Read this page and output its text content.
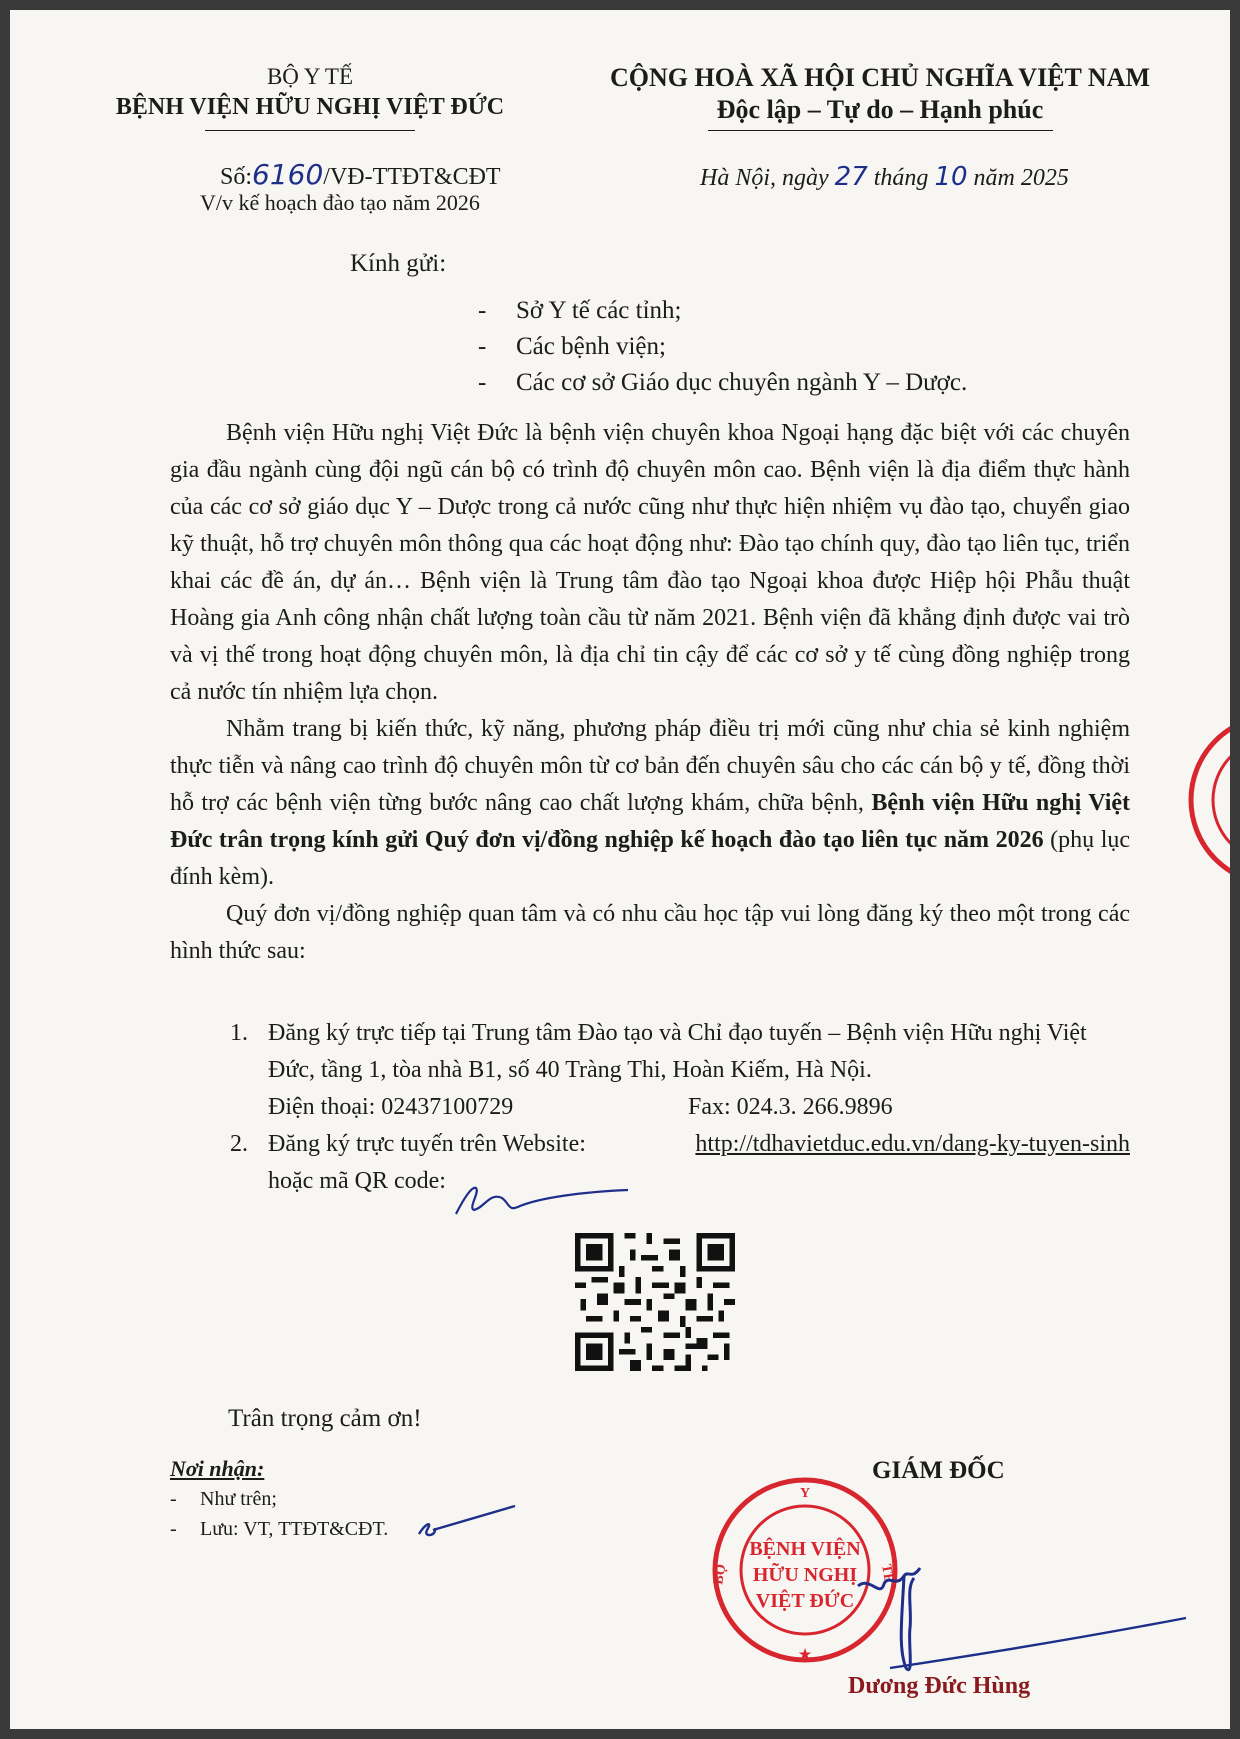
BỘ Y TẾ
BỆNH VIỆN HỮU NGHỊ VIỆT ĐỨC
CỘNG HOÀ XÃ HỘI CHỦ NGHĨA VIỆT NAM
Độc lập – Tự do – Hạnh phúc
Số:6160/VĐ-TTĐT&CĐT
V/v kế hoạch đào tạo năm 2026
Hà Nội, ngày 27 tháng 10 năm 2025
Kính gửi:
- Sở Y tế các tỉnh;
- Các bệnh viện;
- Các cơ sở Giáo dục chuyên ngành Y – Dược.

Bệnh viện Hữu nghị Việt Đức là bệnh viện chuyên khoa Ngoại hạng đặc biệt với các chuyên gia đầu ngành cùng đội ngũ cán bộ có trình độ chuyên môn cao. Bệnh viện là địa điểm thực hành của các cơ sở giáo dục Y – Dược trong cả nước cũng như thực hiện nhiệm vụ đào tạo, chuyển giao kỹ thuật, hỗ trợ chuyên môn thông qua các hoạt động như: Đào tạo chính quy, đào tạo liên tục, triển khai các đề án, dự án… Bệnh viện là Trung tâm đào tạo Ngoại khoa được Hiệp hội Phẫu thuật Hoàng gia Anh công nhận chất lượng toàn cầu từ năm 2021. Bệnh viện đã khẳng định được vai trò và vị thế trong hoạt động chuyên môn, là địa chỉ tin cậy để các cơ sở y tế cùng đồng nghiệp trong cả nước tín nhiệm lựa chọn.

Nhằm trang bị kiến thức, kỹ năng, phương pháp điều trị mới cũng như chia sẻ kinh nghiệm thực tiễn và nâng cao trình độ chuyên môn từ cơ bản đến chuyên sâu cho các cán bộ y tế, đồng thời hỗ trợ các bệnh viện từng bước nâng cao chất lượng khám, chữa bệnh, Bệnh viện Hữu nghị Việt Đức trân trọng kính gửi Quý đơn vị/đồng nghiệp kế hoạch đào tạo liên tục năm 2026 (phụ lục đính kèm).

Quý đơn vị/đồng nghiệp quan tâm và có nhu cầu học tập vui lòng đăng ký theo một trong các hình thức sau:

1. Đăng ký trực tiếp tại Trung tâm Đào tạo và Chỉ đạo tuyến – Bệnh viện Hữu nghị Việt Đức, tầng 1, tòa nhà B1, số 40 Tràng Thi, Hoàn Kiếm, Hà Nội.
Điện thoại: 02437100729	Fax: 024.3. 266.9896
2. Đăng ký trực tuyến trên Website:	http://tdhavietduc.edu.vn/dang-ky-tuyen-sinh
hoặc mã QR code:
Trân trọng cảm ơn!
Nơi nhận:
- Như trên;
- Lưu: VT, TTĐT&CĐT.
GIÁM ĐỐC
Y
BỘ	TẾ
BỆNH VIỆN
HỮU NGHỊ
VIỆT ĐỨC
★
Dương Đức Hùng
